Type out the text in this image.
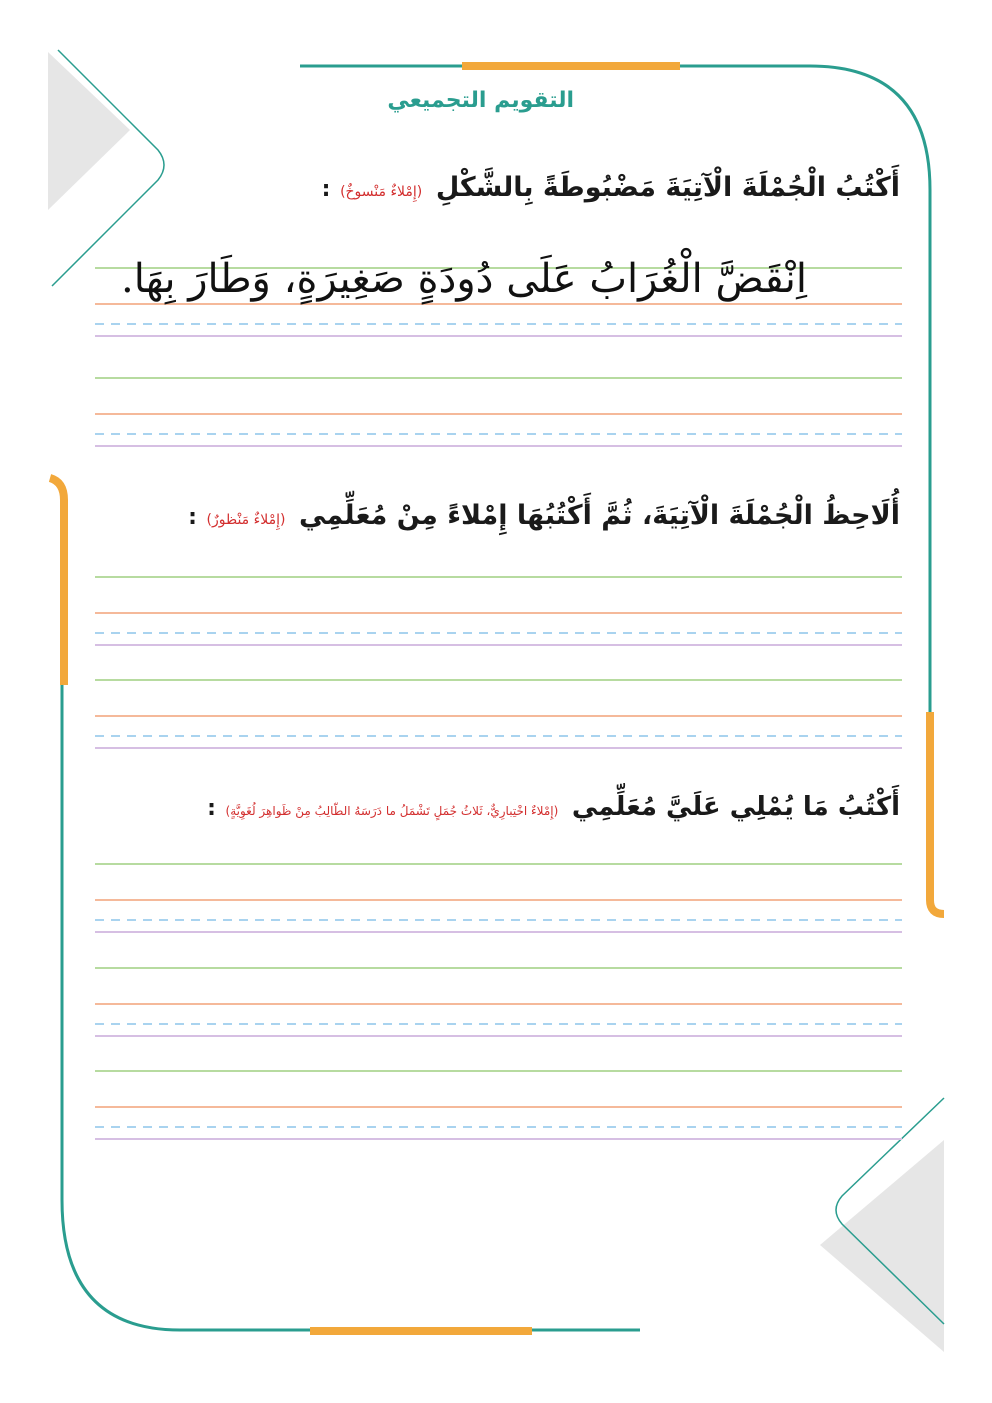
التقويم التجميعي
أَكْتُبُ الْجُمْلَةَ الْآتِيَةَ مَضْبُوطَةً بِالشَّكْلِ (إِمْلاءٌ مَنْسوخٌ) :
اِنْقَضَّ الْغُرَابُ عَلَى دُودَةٍ صَغِيرَةٍ، وَطَارَ بِهَا.
أُلَاحِظُ الْجُمْلَةَ الْآتِيَةَ، ثُمَّ أَكْتُبُهَا إِمْلاءً مِنْ مُعَلِّمِي (إِمْلاءٌ مَنْظورٌ) :
أَكْتُبُ مَا يُمْلِي عَلَيَّ مُعَلِّمِي (إِمْلاءٌ اخْتِبارِيٌّ، ثَلاثُ جُمَلٍ تَشْمَلُ ما دَرَسَهُ الطّالِبُ مِنْ ظَواهِرَ لُغَوِيَّةٍ) :
